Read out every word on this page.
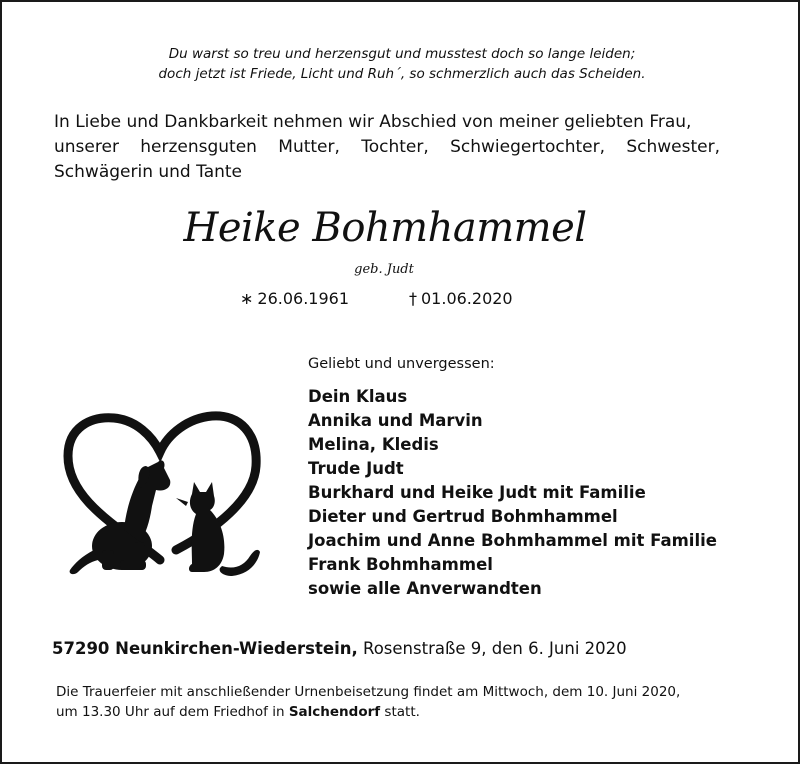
Du warst so treu und herzensgut und musstest doch so lange leiden;
doch jetzt ist Friede, Licht und Ruh´, so schmerzlich auch das Scheiden.
In Liebe und Dankbarkeit nehmen wir Abschied von meiner geliebten Frau,
unserer herzensguten Mutter, Tochter, Schwiegertochter, Schwester,
Schwägerin und Tante
Heike Bohmhammel
geb. Judt
∗ 26.06.1961	† 01.06.2020
Geliebt und unvergessen:
Dein Klaus
Annika und Marvin
Melina, Kledis
Trude Judt
Burkhard und Heike Judt mit Familie
Dieter und Gertrud Bohmhammel
Joachim und Anne Bohmhammel mit Familie
Frank Bohmhammel
sowie alle Anverwandten
57290 Neunkirchen-Wiederstein, Rosenstraße 9, den 6. Juni 2020
Die Trauerfeier mit anschließender Urnenbeisetzung findet am Mittwoch, dem 10. Juni 2020,
um 13.30 Uhr auf dem Friedhof in Salchendorf statt.
